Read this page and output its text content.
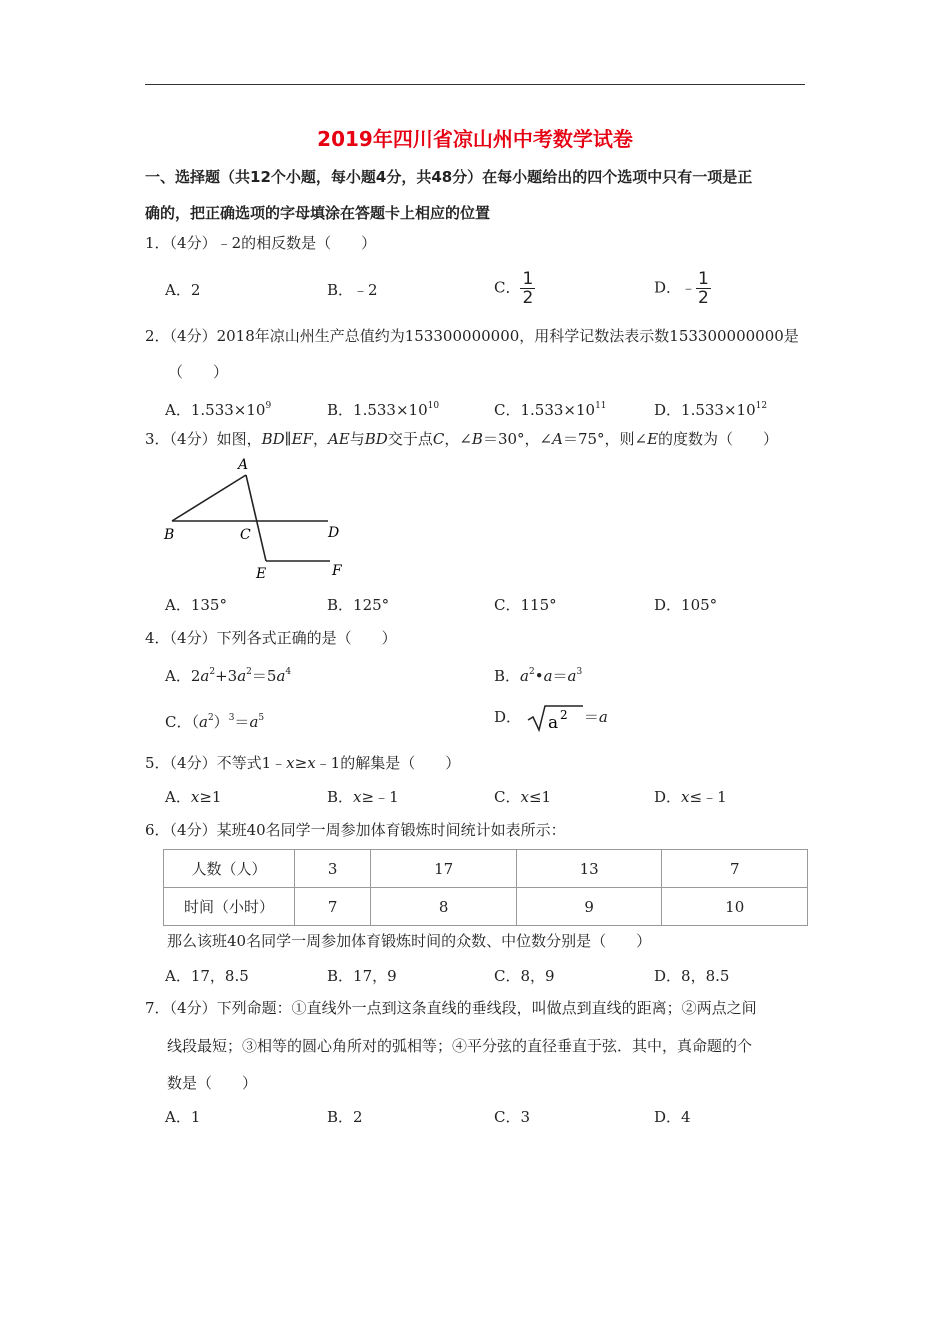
2019年四川省凉山州中考数学试卷
一、选择题（共12个小题，每小题4分，共48分）在每小题给出的四个选项中只有一项是正
确的，把正确选项的字母填涂在答题卡上相应的位置
1．（4分）﹣2的相反数是（　　）
A．2	B．﹣2	C． $\frac{1}{2}$	D．﹣ $\frac{1}{2}$
2．（4分）2018年凉山州生产总值约为153300000000，用科学记数法表示数153300000000是
（　　）
A．$1.533\times 10^9$	B．$1.533\times 10^{10}$	C．$1.533\times 10^{11}$	D．$1.533\times 10^{12}$
3．（4分）如图，BD∥EF，AE与BD交于点C，∠B＝30°，∠A＝75°，则∠E的度数为（　　）
A
B	C	D
E	F
A．135°	B．125°	C．115°	D．105°
4．（4分）下列各式正确的是（　　）
A．$2a^2+3a^2=5a^4$	B．$a^2•a=a^3$
C．$(a^2)^3=a^5$	D． a 2 ＝a
5．（4分）不等式1﹣x≥x﹣1的解集是（　　）
A．x≥1	B．x≥﹣1	C．x≤1	D．x≤﹣1
6．（4分）某班40名同学一周参加体育锻炼时间统计如表所示：
人数（人）	3	17	13	7
时间（小时）	7	8	9	10
那么该班40名同学一周参加体育锻炼时间的众数、中位数分别是（　　）
A．17，8.5	B．17，9	C．8，9	D．8，8.5
7．（4分）下列命题：①直线外一点到这条直线的垂线段，叫做点到直线的距离；②两点之间
线段最短；③相等的圆心角所对的弧相等；④平分弦的直径垂直于弦．其中，真命题的个
数是（　　）
A．1	B．2	C．3	D．4
